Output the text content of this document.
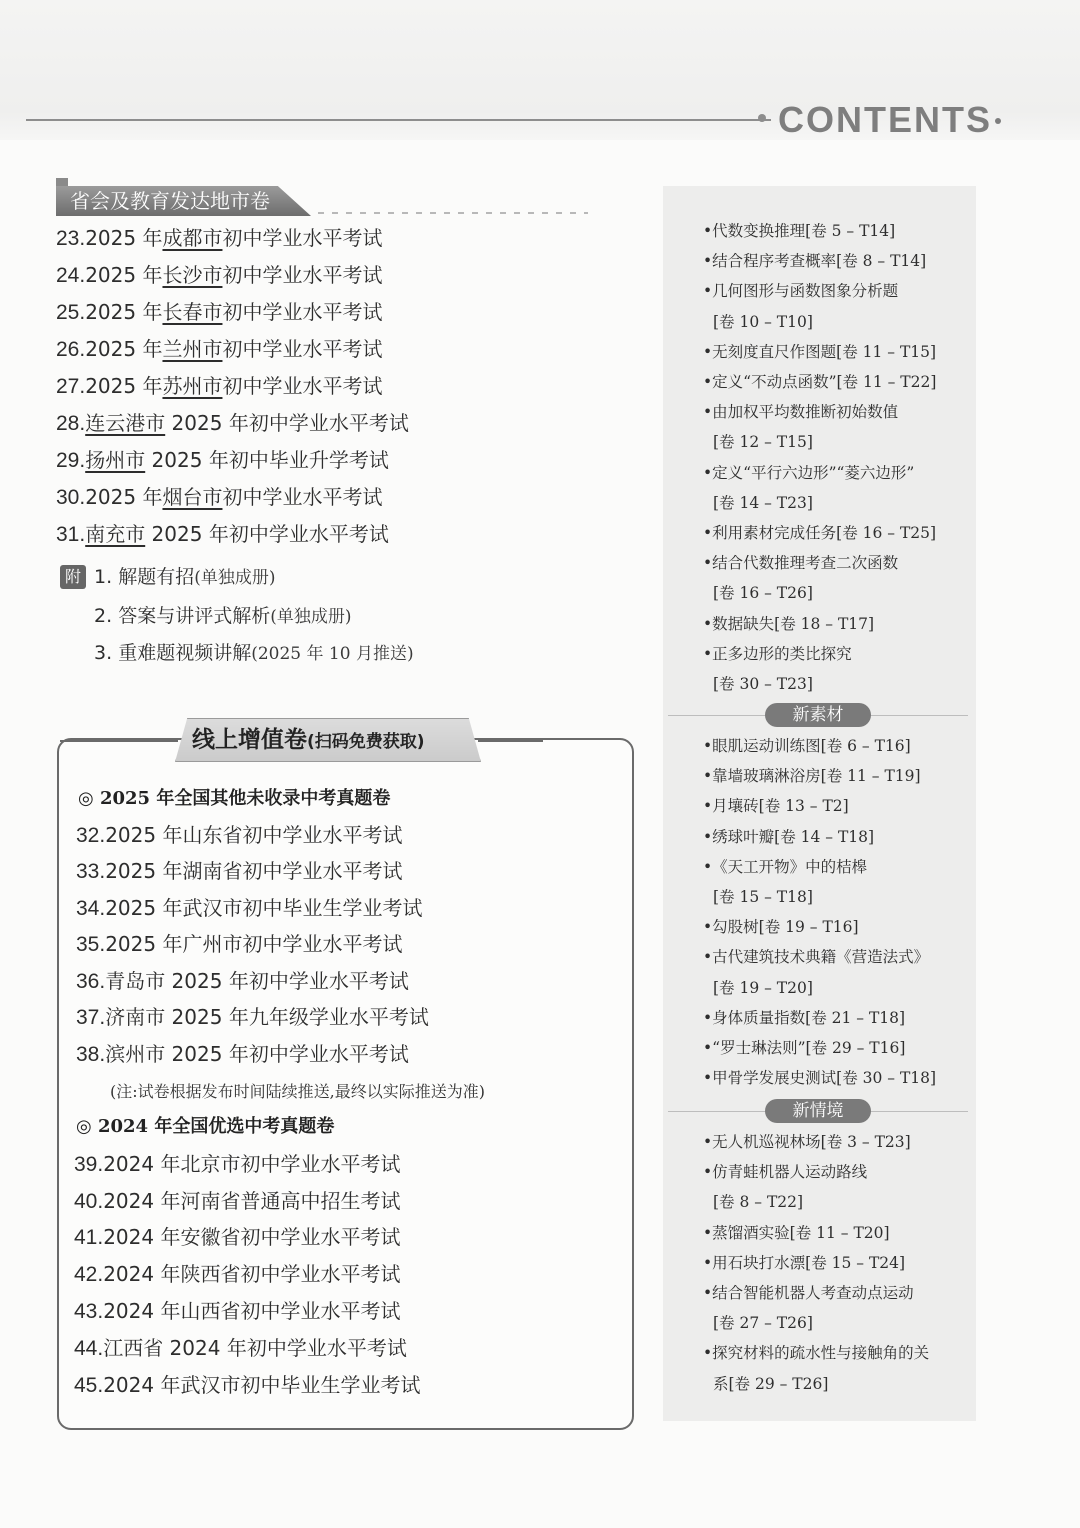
CONTENTS
省会及教育发达地市卷
23.2025 年成都市初中学业水平考试
24.2025 年长沙市初中学业水平考试
25.2025 年长春市初中学业水平考试
26.2025 年兰州市初中学业水平考试
27.2025 年苏州市初中学业水平考试
28.连云港市 2025 年初中学业水平考试
29.扬州市 2025 年初中毕业升学考试
30.2025 年烟台市初中学业水平考试
31.南充市 2025 年初中学业水平考试
附 1. 解题有招(单独成册)
2. 答案与讲评式解析(单独成册)
3. 重难题视频讲解(2025 年 10 月推送)
线上增值卷(扫码免费获取)
◎ 2025 年全国其他未收录中考真题卷
32.2025 年山东省初中学业水平考试
33.2025 年湖南省初中学业水平考试
34.2025 年武汉市初中毕业生学业考试
35.2025 年广州市初中学业水平考试
36.青岛市 2025 年初中学业水平考试
37.济南市 2025 年九年级学业水平考试
38.滨州市 2025 年初中学业水平考试
(注:试卷根据发布时间陆续推送,最终以实际推送为准)
◎ 2024 年全国优选中考真题卷
39.2024 年北京市初中学业水平考试
40.2024 年河南省普通高中招生考试
41.2024 年安徽省初中学业水平考试
42.2024 年陕西省初中学业水平考试
43.2024 年山西省初中学业水平考试
44.江西省 2024 年初中学业水平考试
45.2024 年武汉市初中毕业生学业考试
•代数变换推理[卷 5 – T14]
•结合程序考查概率[卷 8 – T14]
•几何图形与函数图象分析题
[卷 10 – T10]
•无刻度直尺作图题[卷 11 – T15]
•定义“不动点函数”[卷 11 – T22]
•由加权平均数推断初始数值
[卷 12 – T15]
•定义“平行六边形”“菱六边形”
[卷 14 – T23]
•利用素材完成任务[卷 16 – T25]
•结合代数推理考查二次函数
[卷 16 – T26]
•数据缺失[卷 18 – T17]
•正多边形的类比探究
[卷 30 – T23]
新素材
•眼肌运动训练图[卷 6 – T16]
•靠墙玻璃淋浴房[卷 11 – T19]
•月壤砖[卷 13 – T2]
•绣球叶瓣[卷 14 – T18]
•《天工开物》中的桔槔
[卷 15 – T18]
•勾股树[卷 19 – T16]
•古代建筑技术典籍《营造法式》
[卷 19 – T20]
•身体质量指数[卷 21 – T18]
•“罗士琳法则”[卷 29 – T16]
•甲骨学发展史测试[卷 30 – T18]
新情境
•无人机巡视林场[卷 3 – T23]
•仿青蛙机器人运动路线
[卷 8 – T22]
•蒸馏酒实验[卷 11 – T20]
•用石块打水漂[卷 15 – T24]
•结合智能机器人考查动点运动
[卷 27 – T26]
•探究材料的疏水性与接触角的关
系[卷 29 – T26]
